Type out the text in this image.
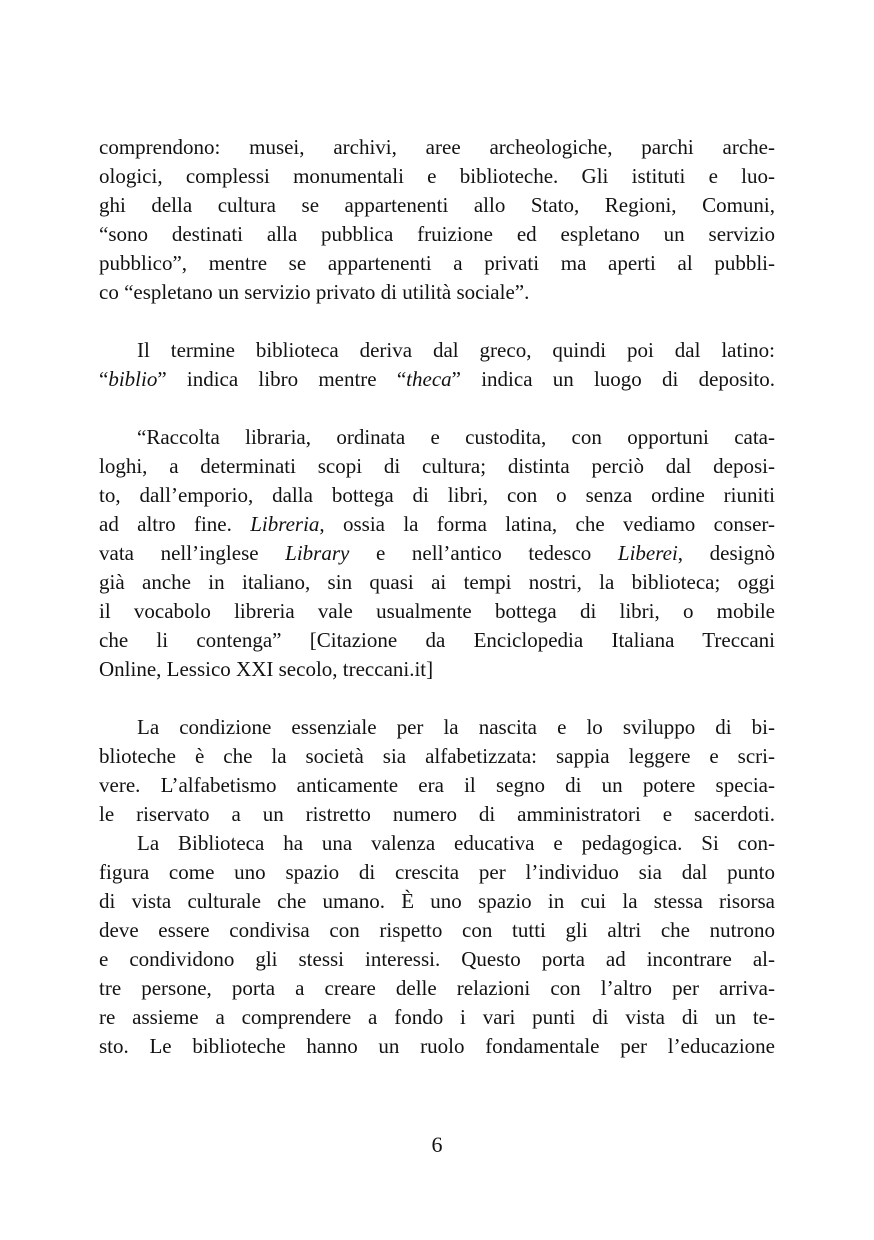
comprendono: musei, archivi, aree archeologiche, parchi arche-
ologici, complessi monumentali e biblioteche. Gli istituti e luo-
ghi della cultura se appartenenti allo Stato, Regioni, Comuni,
“sono destinati alla pubblica fruizione ed espletano un servizio
pubblico”, mentre se appartenenti a privati ma aperti al pubbli-
co “espletano un servizio privato di utilità sociale”.
Il termine biblioteca deriva dal greco, quindi poi dal latino:
“biblio” indica libro mentre “theca” indica un luogo di deposito.
“Raccolta libraria, ordinata e custodita, con opportuni cata-
loghi, a determinati scopi di cultura; distinta perciò dal deposi-
to, dall’emporio, dalla bottega di libri, con o senza ordine riuniti
ad altro fine. Libreria, ossia la forma latina, che vediamo conser-
vata nell’inglese Library e nell’antico tedesco Liberei, designò
già anche in italiano, sin quasi ai tempi nostri, la biblioteca; oggi
il vocabolo libreria vale usualmente bottega di libri, o mobile
che li contenga” [Citazione da Enciclopedia Italiana Treccani
Online, Lessico XXI secolo, treccani.it]
La condizione essenziale per la nascita e lo sviluppo di bi-
blioteche è che la società sia alfabetizzata: sappia leggere e scri-
vere. L’alfabetismo anticamente era il segno di un potere specia-
le riservato a un ristretto numero di amministratori e sacerdoti.
La Biblioteca ha una valenza educativa e pedagogica. Si con-
figura come uno spazio di crescita per l’individuo sia dal punto
di vista culturale che umano. È uno spazio in cui la stessa risorsa
deve essere condivisa con rispetto con tutti gli altri che nutrono
e condividono gli stessi interessi. Questo porta ad incontrare al-
tre persone, porta a creare delle relazioni con l’altro per arriva-
re assieme a comprendere a fondo i vari punti di vista di un te-
sto. Le biblioteche hanno un ruolo fondamentale per l’educazione
6
